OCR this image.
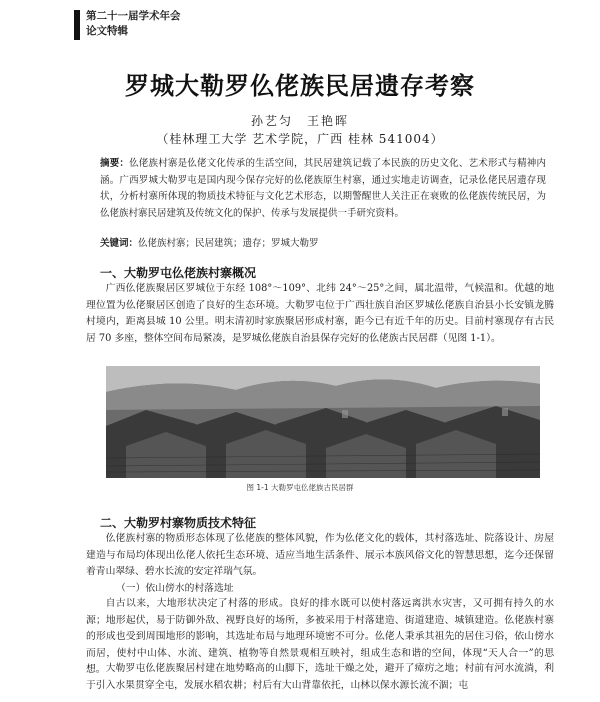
第二十一届学术年会
论文特辑
罗城大勒罗仫佬族民居遗存考察
孙艺匀　王艳晖
（桂林理工大学 艺术学院，广西 桂林 541004）
摘要：仫佬族村寨是仫佬文化传承的生活空间，其民居建筑记载了本民族的历史文化、艺术形式与精神内涵。广西罗城大勒罗屯是国内现今保存完好的仫佬族原生村寨，通过实地走访调查，记录仫佬民居遗存现状，分析村寨所体现的物质技术特征与文化艺术形态，以期警醒世人关注正在衰败的仫佬族传统民居，为仫佬族村寨民居建筑及传统文化的保护、传承与发展提供一手研究资料。
关键词：仫佬族村寨；民居建筑；遗存；罗城大勒罗
一、大勒罗屯仫佬族村寨概况
广西仫佬族聚居区罗城位于东经 108°～109°、北纬 24°～25°之间，属北温带，气候温和。优越的地理位置为仫佬聚居区创造了良好的生态环境。大勒罗屯位于广西壮族自治区罗城仫佬族自治县小长安镇龙腾村境内，距离县城 10 公里。明末清初时家族聚居形成村寨，距今已有近千年的历史。目前村寨现存有古民居 70 多座，整体空间布局紧凑，是罗城仫佬族自治县保存完好的仫佬族古民居群（见图 1-1）。
图 1-1 大勒罗屯仫佬族古民居群
二、大勒罗村寨物质技术特征
仫佬族村寨的物质形态体现了仫佬族的整体风貌，作为仫佬文化的载体，其村落选址、院落设计、房屋建造与布局均体现出仫佬人依托生态环境、适应当地生活条件、展示本族风俗文化的智慧思想，迄今还保留着青山翠绿、碧水长流的安定祥瑞气氛。
（一）依山傍水的村落选址
自古以来，大地形状决定了村落的形成。良好的排水既可以使村落远离洪水灾害，又可拥有持久的水源；地形起伏，易于防御外敌、视野良好的场所，多被采用于村落建造、街道建造、城镇建造。仫佬族村寨的形成也受到周围地形的影响，其选址布局与地理环境密不可分。仫佬人秉承其祖先的居住习俗，依山傍水而居，使村中山体、水流、建筑、植物等自然景观相互映衬，组成生态和谐的空间，体现“天人合一”的思想。 大勒罗屯仫佬族聚居村建在地势略高的山脚下，选址干燥之处，避开了瘴疠之地；村前有河水流淌，利于引入水果贯穿全屯，发展水稻农耕；村后有大山背靠依托，山林以保水源长流不涸；屯
